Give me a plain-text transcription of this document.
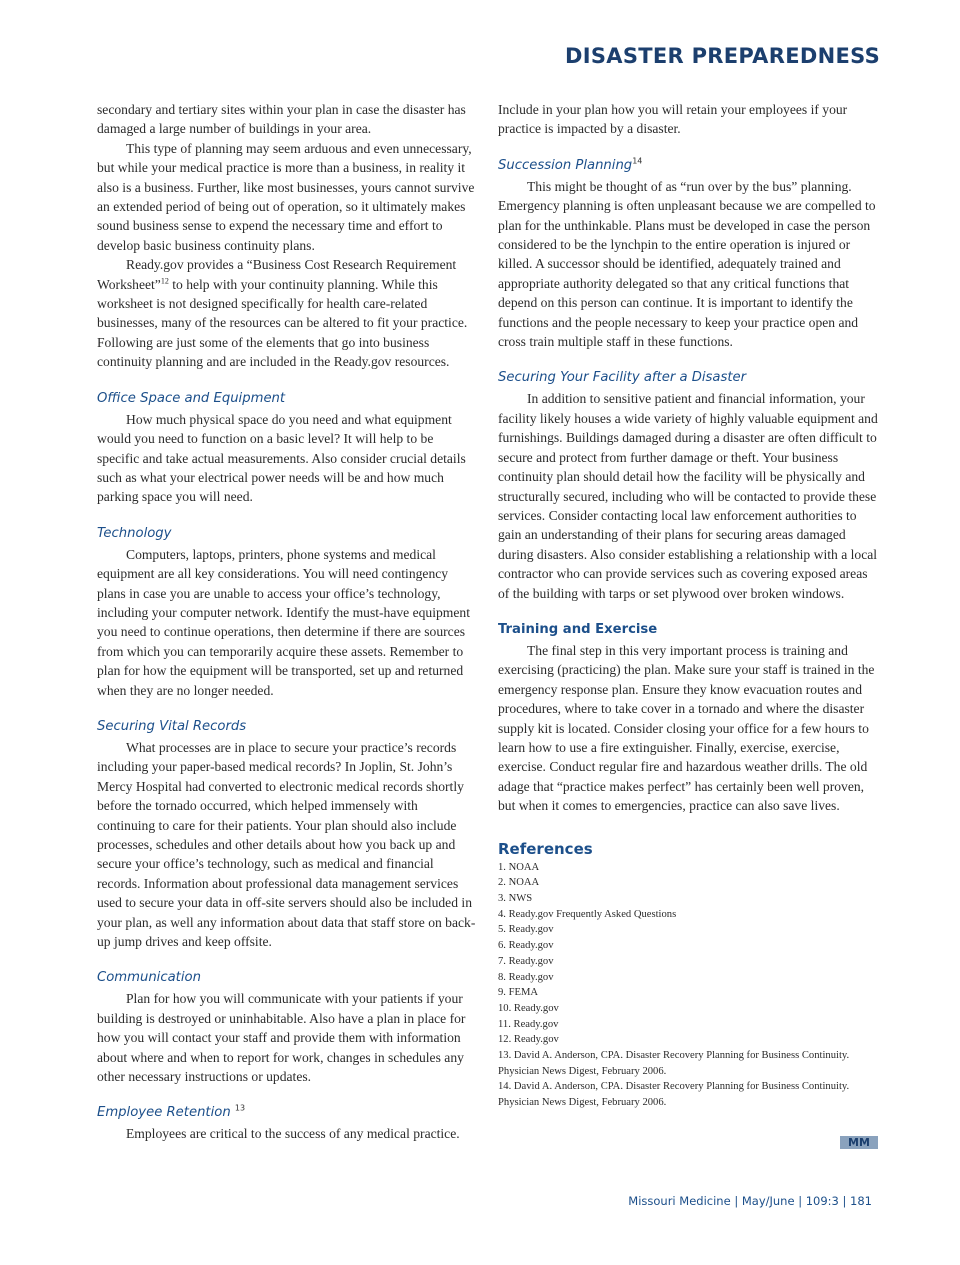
DISASTER PREPAREDNESS

secondary and tertiary sites within your plan in case the disaster has damaged a large number of buildings in your area.

This type of planning may seem arduous and even unnecessary, but while your medical practice is more than a business, in reality it also is a business. Further, like most businesses, yours cannot survive an extended period of being out of operation, so it ultimately makes sound business sense to expend the necessary time and effort to develop basic business continuity plans.

Ready.gov provides a “Business Cost Research Requirement Worksheet”$^{12}$ to help with your continuity planning. While this worksheet is not designed specifically for health care-related businesses, many of the resources can be altered to fit your practice. Following are just some of the elements that go into business continuity planning and are included in the Ready.gov resources.

Office Space and Equipment

How much physical space do you need and what equipment would you need to function on a basic level? It will help to be specific and take actual measurements. Also consider crucial details such as what your electrical power needs will be and how much parking space you will need.

Technology

Computers, laptops, printers, phone systems and medical equipment are all key considerations. You will need contingency plans in case you are unable to access your office’s technology, including your computer network. Identify the must-have equipment you need to continue operations, then determine if there are sources from which you can temporarily acquire these assets. Remember to plan for how the equipment will be transported, set up and returned when they are no longer needed.

Securing Vital Records

What processes are in place to secure your practice’s records including your paper-based medical records? In Joplin, St. John’s Mercy Hospital had converted to electronic medical records shortly before the tornado occurred, which helped immensely with continuing to care for their patients. Your plan should also include processes, schedules and other details about how you back up and secure your office’s technology, such as medical and financial records. Information about professional data management services used to secure your data in off-site servers should also be included in your plan, as well any information about data that staff store on back-up jump drives and keep offsite.

Communication

Plan for how you will communicate with your patients if your building is destroyed or uninhabitable. Also have a plan in place for how you will contact your staff and provide them with information about where and when to report for work, changes in schedules any other necessary instructions or updates.

Employee Retention $^{13}$

Employees are critical to the success of any medical practice.

Include in your plan how you will retain your employees if your practice is impacted by a disaster.

Succession Planning$^{14}$

This might be thought of as “run over by the bus” planning. Emergency planning is often unpleasant because we are compelled to plan for the unthinkable. Plans must be developed in case the person considered to be the lynchpin to the entire operation is injured or killed. A successor should be identified, adequately trained and appropriate authority delegated so that any critical functions that depend on this person can continue. It is important to identify the functions and the people necessary to keep your practice open and cross train multiple staff in these functions.

Securing Your Facility after a Disaster

In addition to sensitive patient and financial information, your facility likely houses a wide variety of highly valuable equipment and furnishings. Buildings damaged during a disaster are often difficult to secure and protect from further damage or theft. Your business continuity plan should detail how the facility will be physically and structurally secured, including who will be contacted to provide these services. Consider contacting local law enforcement authorities to gain an understanding of their plans for securing areas damaged during disasters. Also consider establishing a relationship with a local contractor who can provide services such as covering exposed areas of the building with tarps or set plywood over broken windows.

Training and Exercise

The final step in this very important process is training and exercising (practicing) the plan. Make sure your staff is trained in the emergency response plan. Ensure they know evacuation routes and procedures, where to take cover in a tornado and where the disaster supply kit is located. Consider closing your office for a few hours to learn how to use a fire extinguisher. Finally, exercise, exercise, exercise. Conduct regular fire and hazardous weather drills. The old adage that “practice makes perfect” has certainly been well proven, but when it comes to emergencies, practice can also save lives.

References
1. NOAA
2. NOAA
3. NWS
4. Ready.gov Frequently Asked Questions
5. Ready.gov
6. Ready.gov
7. Ready.gov
8. Ready.gov
9. FEMA
10. Ready.gov
11. Ready.gov
12. Ready.gov
13. David A. Anderson, CPA. Disaster Recovery Planning for Business Continuity. Physician News Digest, February 2006.
14. David A. Anderson, CPA. Disaster Recovery Planning for Business Continuity. Physician News Digest, February 2006.
MM
Missouri Medicine | May/June | 109:3 | 181
